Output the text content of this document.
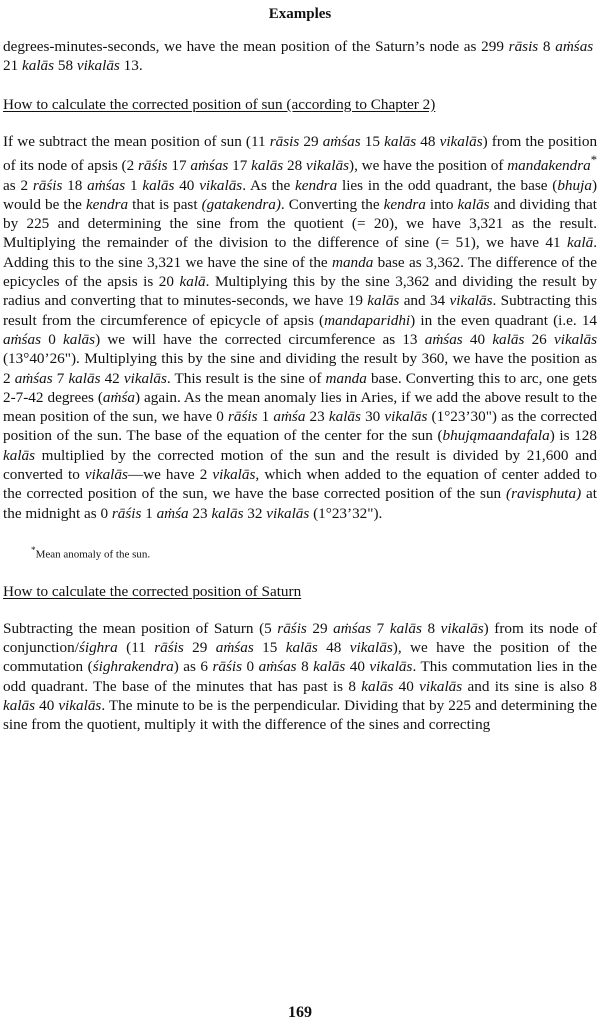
Examples

degrees-minutes-seconds, we have the mean position of the Saturn’s node as 299 rāsis 8 aṁśas  21 kalās 58 vikalās 13.

How to calculate the corrected position of sun (according to Chapter 2)

If we subtract the mean position of sun (11 rāsis 29 aṁśas 15 kalās 48 vikalās) from the position of its node of apsis (2 rāśis 17 aṁśas 17 kalās 28 vikalās), we have the position of mandakendra* as 2 rāśis 18 aṁśas 1 kalās 40 vikalās. As the kendra lies in the odd quadrant, the base (bhuja) would be the kendra that is past (gatakendra). Converting the kendra into kalās and dividing that by 225 and determining the sine from the quotient (= 20), we have 3,321 as the result. Multiplying the remainder of the division to the difference of sine (= 51), we have 41 kalā. Adding this to the sine 3,321 we have the sine of the manda base as 3,362. The difference of the epicycles of the apsis is 20 kalā. Multiplying this by the sine 3,362 and dividing the result by radius and converting that to minutes-seconds, we have 19 kalās and 34 vikalās. Subtracting this result from the circumference of epicycle of apsis (mandaparidhi) in the even quadrant (i.e. 14 aṁśas 0 kalās) we will have the corrected circumference as 13 aṁśas 40 kalās 26 vikalās (13°40’26"). Multiplying this by the sine and dividing the result by 360, we have the position as 2 aṁśas 7 kalās 42 vikalās. This result is the sine of manda base. Converting this to arc, one gets 2-7-42 degrees (aṁśa) again. As the mean anomaly lies in Aries, if we add the above result to the mean position of the sun, we have 0 rāśis 1 aṁśa 23 kalās 30 vikalās (1°23’30") as the corrected position of the sun. The base of the equation of the center for the sun (bhująmaandafala) is 128 kalās multiplied by the corrected motion of the sun and the result is divided by 21,600 and converted to vikalās—we have 2 vikalās, which when added to the equation of center added to the corrected position of the sun, we have the base corrected position of the sun (ravisphuta) at the midnight as 0 rāśis 1 aṁśa 23 kalās 32 vikalās (1°23’32").

*Mean anomaly of the sun.

How to calculate the corrected position of Saturn

Subtracting the mean position of Saturn (5 rāśis 29 aṁśas 7 kalās 8 vikalās) from its node of conjunction/śighra (11 rāśis 29 aṁśas 15 kalās 48 vikalās), we have the position of the commutation (śighrakendra) as 6 rāśis 0 aṁśas 8 kalās 40 vikalās. This commutation lies in the odd quadrant. The base of the minutes that has past is 8 kalās 40 vikalās and its sine is also 8 kalās 40 vikalās. The minute to be is the perpendicular. Dividing that by 225 and determining the sine from the quotient, multiply it with the difference of the sines and correcting

169
